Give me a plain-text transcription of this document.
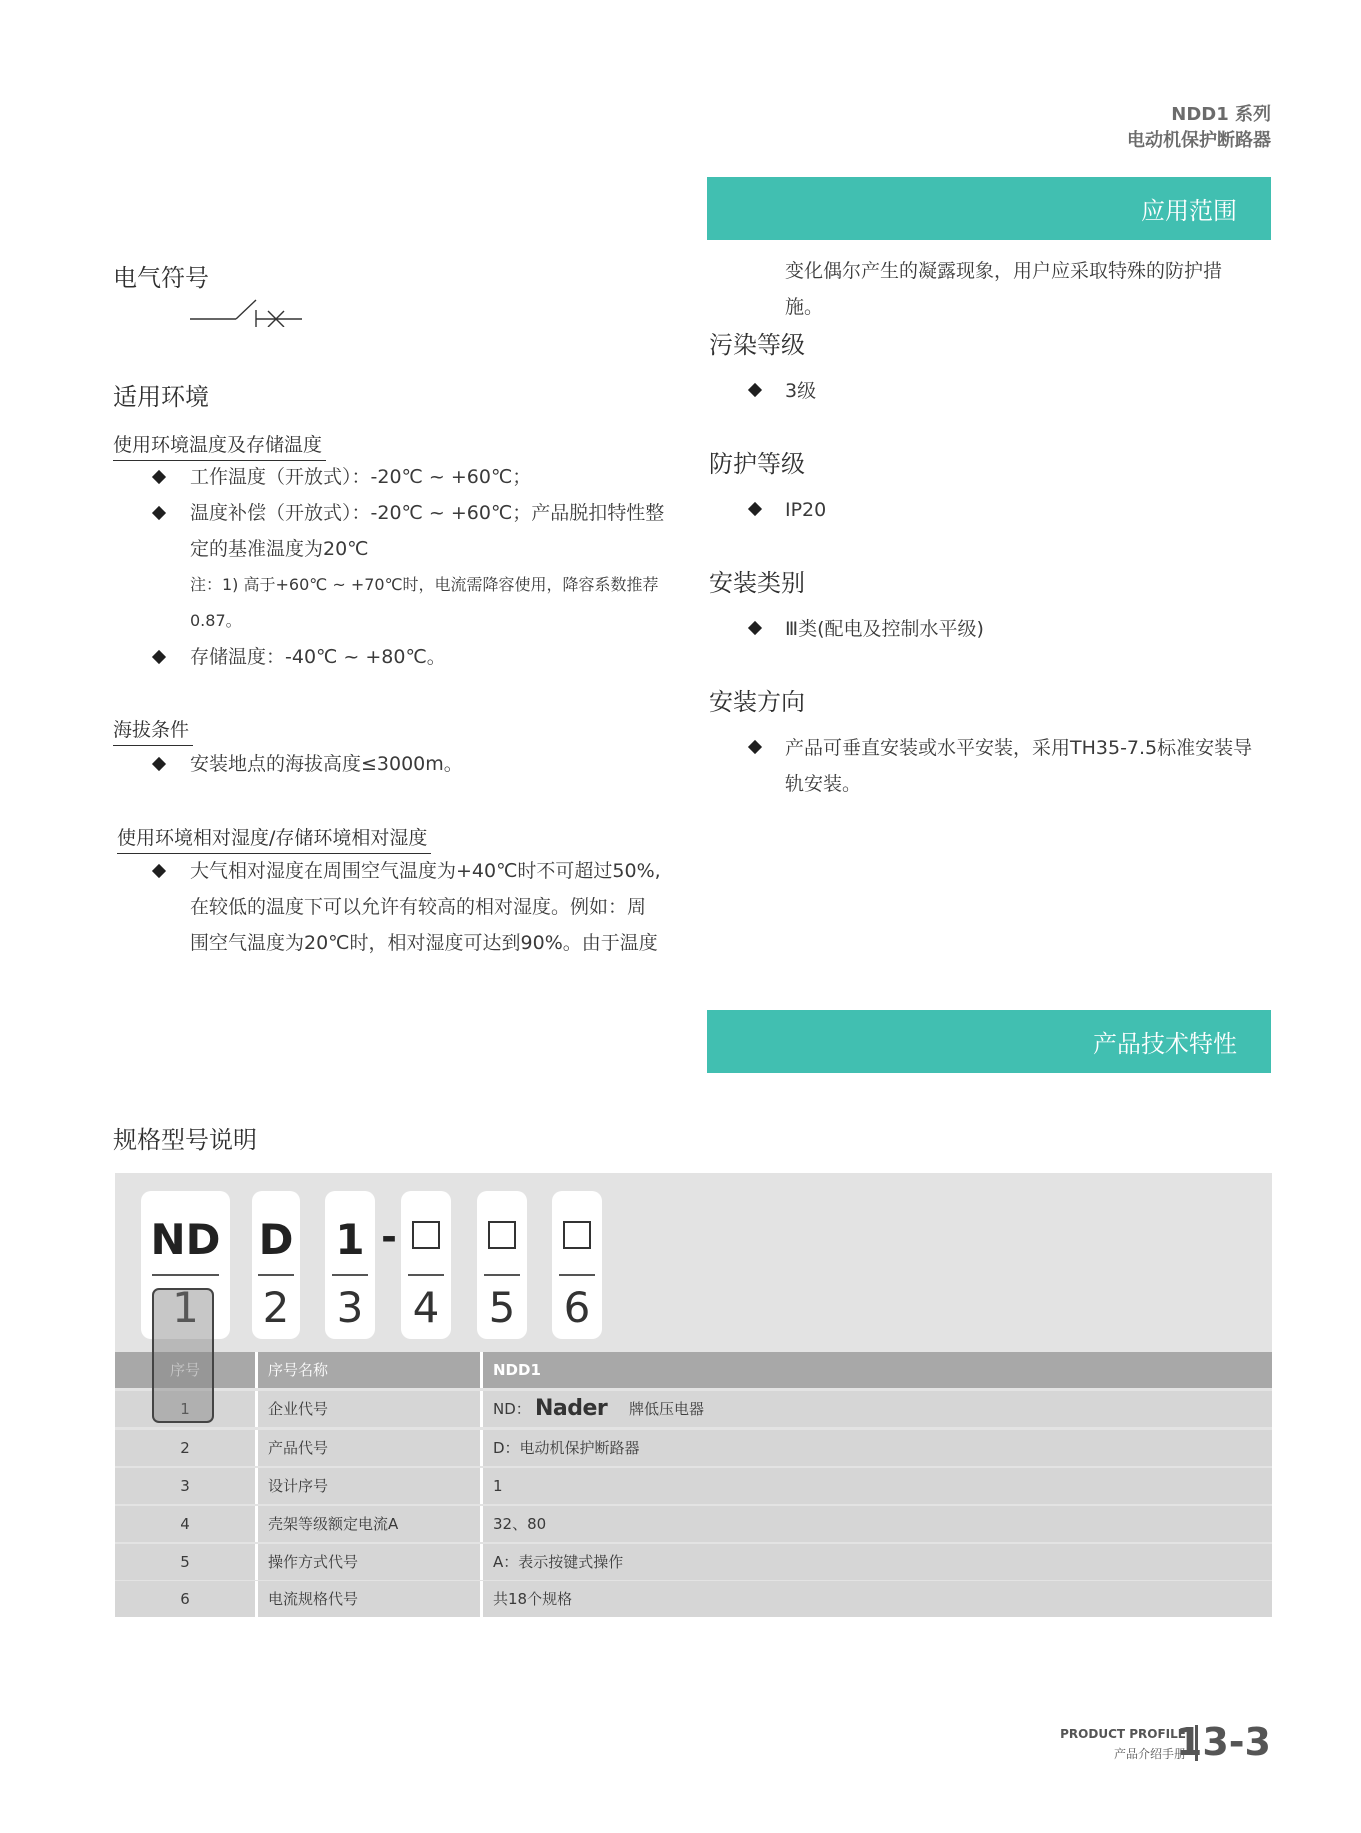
NDD1 系列
电动机保护断路器
应用范围
电气符号
适用环境
使用环境温度及存储温度
工作温度（开放式）：-20℃ ~ +60℃；
温度补偿（开放式）：-20℃ ~ +60℃；产品脱扣特性整
定的基准温度为20℃
注：1) 高于+60℃ ~ +70℃时，电流需降容使用，降容系数推荐
0.87。
存储温度：-40℃ ~ +80℃。
海拔条件
安装地点的海拔高度≤3000m。
使用环境相对湿度/存储环境相对湿度
大气相对湿度在周围空气温度为+40℃时不可超过50%,
在较低的温度下可以允许有较高的相对湿度。例如：周
围空气温度为20℃时，相对湿度可达到90%。由于温度
变化偶尔产生的凝露现象，用户应采取特殊的防护措
施。
污染等级
3级
防护等级
IP20
安装类别
Ⅲ类(配电及控制水平级)
安装方向
产品可垂直安装或水平安装，采用TH35-7.5标准安装导
轨安装。
产品技术特性
规格型号说明
ND
1
D
2
1
3
-
4 5 6
序号	序号名称	NDD1
1	企业代号	ND： Nader 牌低压电器
2	产品代号	D：电动机保护断路器
3	设计序号	1
4	壳架等级额定电流A	32、80
5	操作方式代号	A：表示按键式操作
6	电流规格代号	共18个规格
PRODUCT PROFILE
产品介绍手册
13-3
